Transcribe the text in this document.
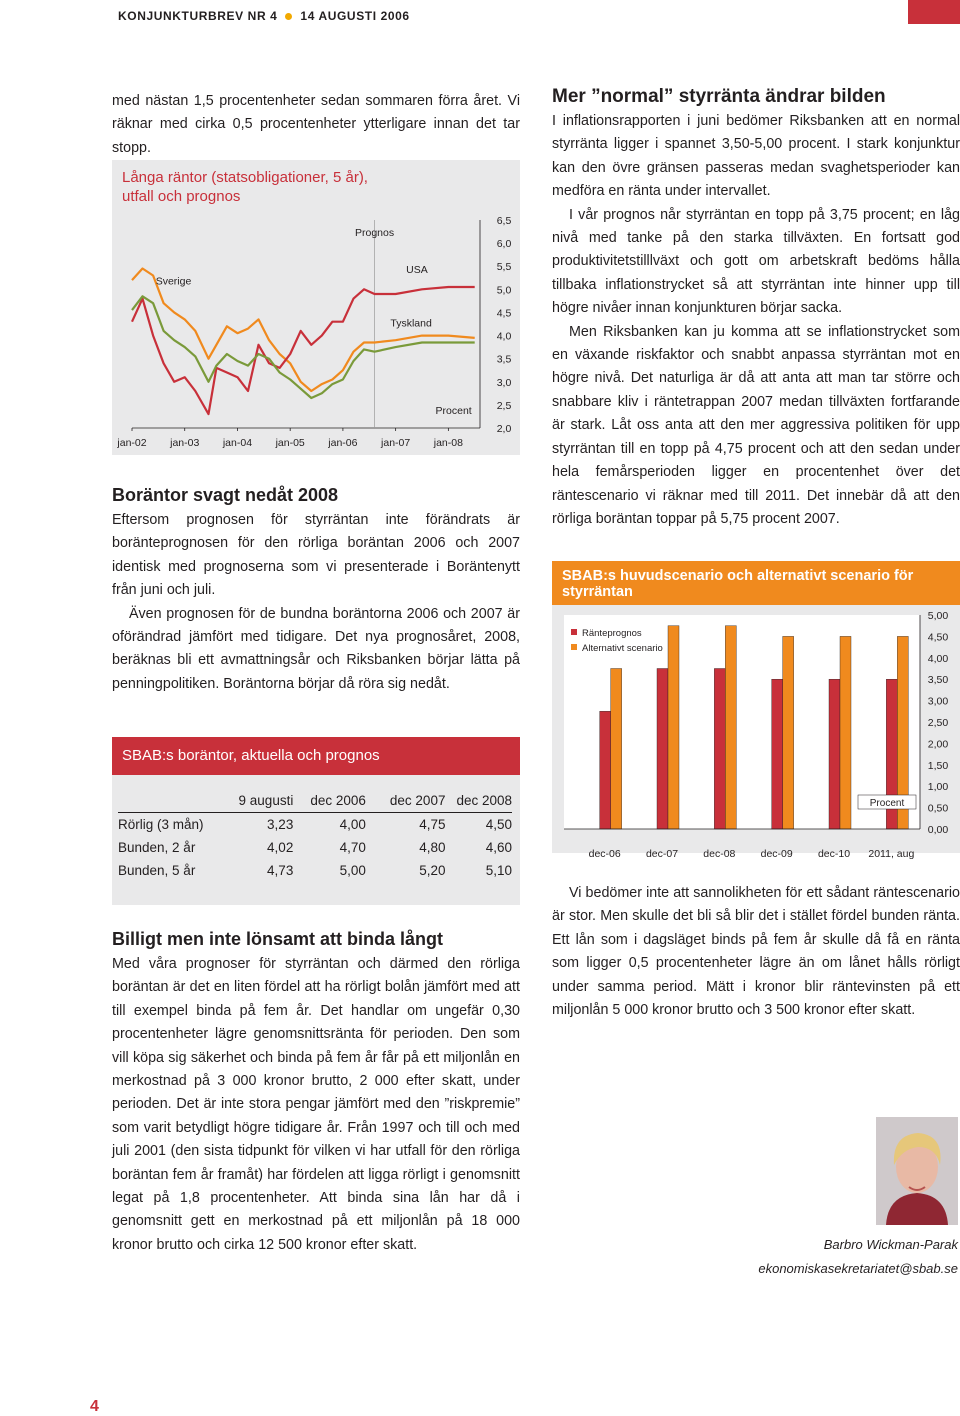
KONJUNKTURBREV NR 4 14 AUGUSTI 2006

med nästan 1,5 procentenheter sedan sommaren förra året. Vi räknar med cirka 0,5 procentenheter ytterligare innan det tar stopp.

Långa räntor (statsobligationer, 5 år),
utfall och prognos
6,5
6,0
5,5
5,0
4,5
4,0
3,5
3,0
2,5
2,0
jan-02 jan-03 jan-04 jan-05 jan-06 jan-07 jan-08
Prognos
Sverige
USA
Tyskland
Procent
Boräntor svagt nedåt 2008

Eftersom prognosen för styrräntan inte förändrats är boränteprognosen för den rörliga boräntan 2006 och 2007 identisk med prognoserna som vi presenterade i Boräntenytt från juni och juli.

Även prognosen för de bundna boräntorna 2006 och 2007 är oförändrad jämfört med tidigare. Det nya prognosåret, 2008, beräknas bli ett avmattningsår och Riksbanken börjar lätta på penningpolitiken. Boräntorna börjar då röra sig nedåt.

SBAB:s boräntor, aktuella och prognos
	9 augusti	dec 2006	dec 2007	dec 2008
Rörlig (3 mån)	3,23	4,00	4,75	4,50
Bunden, 2 år	4,02	4,70	4,80	4,60
Bunden, 5 år	4,73	5,00	5,20	5,10
Billigt men inte lönsamt att binda långt

Med våra prognoser för styrräntan och därmed den rörliga boräntan är det en liten fördel att ha rörligt bolån jämfört med att till exempel binda på fem år. Det handlar om ungefär 0,30 procentenheter lägre genomsnittsränta för perioden. Den som vill köpa sig säkerhet och binda på fem år får på ett miljonlån en merkostnad på 3 000 kronor brutto, 2 000 efter skatt, under perioden. Det är inte stora pengar jämfört med den ”riskpremie” som varit betydligt högre tidigare år. Från 1997 och till och med juli 2001 (den sista tidpunkt för vilken vi har utfall för den rörliga boräntan fem år framåt) har fördelen att ligga rörligt i genomsnitt legat på 1,8 procentenheter. Att binda sina lån har då i genomsnitt gett en merkostnad på ett miljonlån på 18 000 kronor brutto och cirka 12 500 kronor efter skatt.

Mer ”normal” styrränta ändrar bilden

I inflationsrapporten i juni bedömer Riksbanken att en normal styrränta ligger i spannet 3,50-5,00 procent. I stark konjunktur kan den övre gränsen passeras medan svaghetsperioder kan medföra en ränta under intervallet.

I vår prognos når styrräntan en topp på 3,75 procent; en låg nivå med tanke på den starka tillväxten. En fortsatt god produktivitetstilllväxt och gott om arbetskraft bedöms hålla tillbaka inflationstrycket så att styrräntan inte hinner upp till högre nivåer innan konjunkturen börjar sacka.

Men Riksbanken kan ju komma att se inflationstrycket som en växande riskfaktor och snabbt anpassa styrräntan mot en högre nivå. Det naturliga är då att anta att man tar större och snabbare kliv i räntetrappan 2007 medan tillväxten fortfarande är stark. Låt oss anta att den mer aggressiva politiken för upp styrräntan till en topp på 4,75 procent och att den sedan under hela femårsperioden ligger en procentenhet över det räntescenario vi räknar med till 2011. Det innebär då att den rörliga boräntan toppar på 5,75 procent 2007.

SBAB:s huvudscenario och alternativt scenario för styrräntan
5,00
4,50
4,00
3,50
3,00
2,50
2,00
1,50
1,00
0,50
0,00
dec-06 dec-07 dec-08 dec-09 dec-10 2011, aug
Ränteprognos
Alternativt scenario
Procent

Vi bedömer inte att sannolikheten för ett sådant räntescenario är stor. Men skulle det bli så blir det i stället fördel bunden ränta. Ett lån som i dagsläget binds på fem år skulle då få en ränta som ligger 0,5 procentenheter lägre än om lånet hålls rörligt under samma period. Mätt i kronor blir räntevinsten på ett miljonlån 5 000 kronor brutto och 3 500 kronor efter skatt.

Barbro Wickman-Parak
ekonomiskasekretariatet@sbab.se
4
